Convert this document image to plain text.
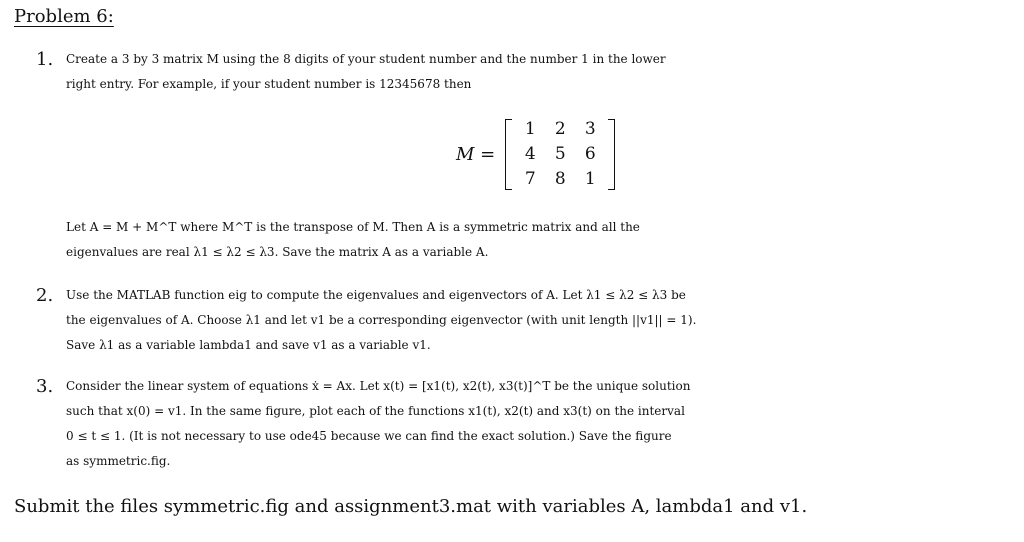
Problem 6:
1. Create a 3 by 3 matrix M using the 8 digits of your student number and the number 1 in the lower
right entry. For example, if your student number is 12345678 then
M =
1	2	3
4	5	6
7	8	1
Let A = M + M^T where M^T is the transpose of M. Then A is a symmetric matrix and all the
eigenvalues are real λ1 ≤ λ2 ≤ λ3. Save the matrix A as a variable A.
2. Use the MATLAB function eig to compute the eigenvalues and eigenvectors of A. Let λ1 ≤ λ2 ≤ λ3 be
the eigenvalues of A. Choose λ1 and let v1 be a corresponding eigenvector (with unit length ||v1|| = 1).
Save λ1 as a variable lambda1 and save v1 as a variable v1.
3. Consider the linear system of equations ẋ = Ax. Let x(t) = [x1(t), x2(t), x3(t)]^T be the unique solution
such that x(0) = v1. In the same figure, plot each of the functions x1(t), x2(t) and x3(t) on the interval
0 ≤ t ≤ 1. (It is not necessary to use ode45 because we can find the exact solution.) Save the figure
as symmetric.fig.
Submit the files symmetric.fig and assignment3.mat with variables A, lambda1 and v1.
